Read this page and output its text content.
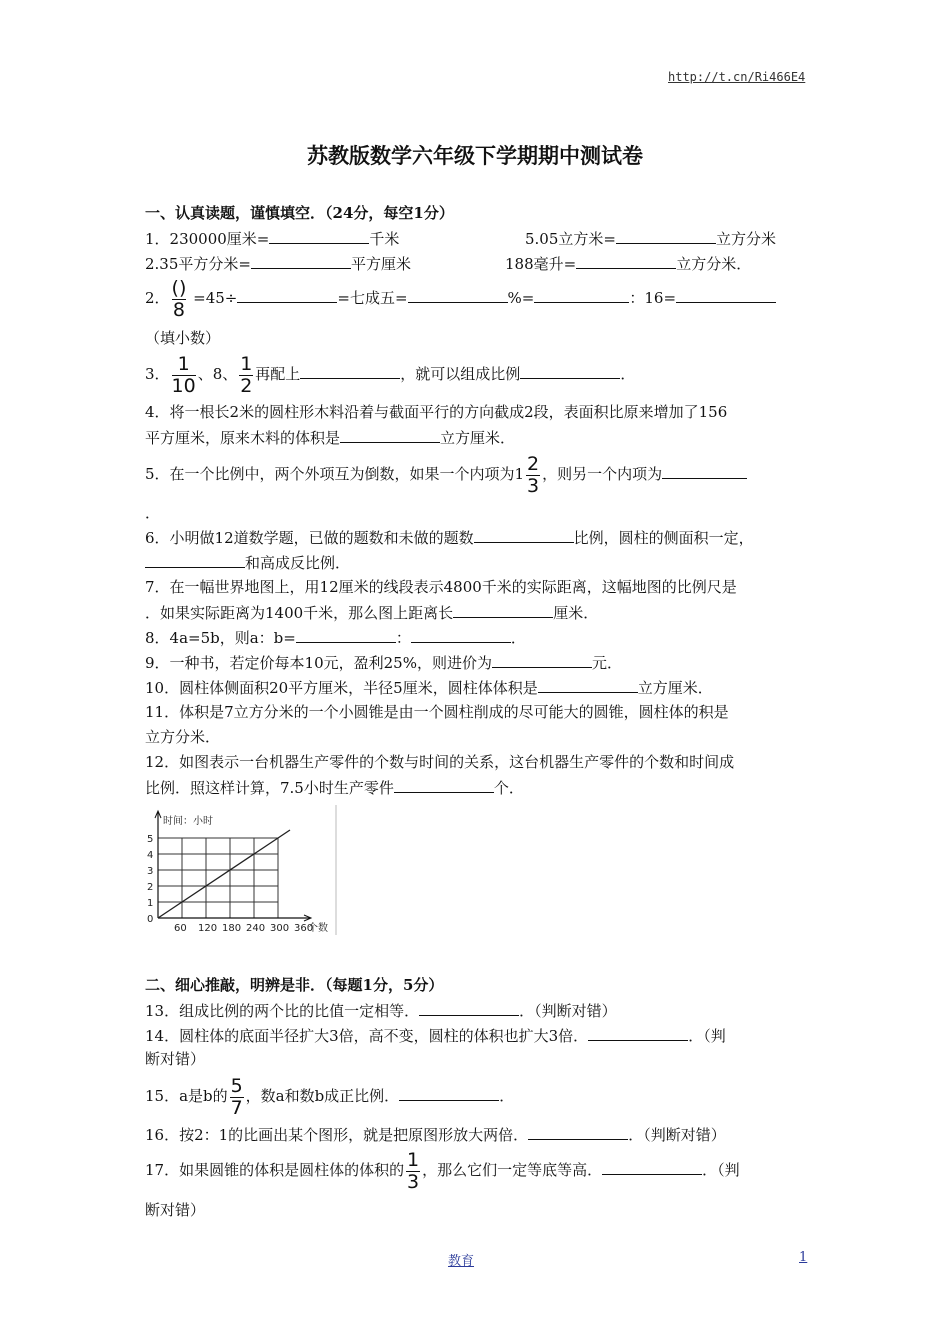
http://t.cn/Ri466E4
苏教版数学六年级下学期期中测试卷
一、认真读题，谨慎填空．（24分，每空1分）
1．230000厘米=	千米	5.05立方米=	立方分米
2.35平方分米=	平方厘米	188毫升=	立方分米．
2． $\frac{()}{8} =45\div$	=七成五=	%=	：16=
（填小数）
3． $\frac{1}{10}$ 、8、 $\frac{1}{2}$ 再配上	，就可以组成比例	．
4．将一根长2米的圆柱形木料沿着与截面平行的方向截成2段，表面积比原来增加了156
平方厘米，原来木料的体积是	立方厘米．
5．在一个比例中，两个外项互为倒数，如果一个内项为$1 \frac{2}{3}$ ，则另一个内项为
．
6．小明做12道数学题，已做的题数和未做的题数	比例，圆柱的侧面积一定，
和高成反比例．
7．在一幅世界地图上，用12厘米的线段表示4800千米的实际距离，这幅地图的比例尺是
．如果实际距离为1400千米，那么图上距离长	厘米．
8．4a=5b，则a：b=	：	．
9．一种书，若定价每本10元，盈利25%，则进价为	元．
10．圆柱体侧面积20平方厘米，半径5厘米，圆柱体体积是	立方厘米．
11．体积是7立方分米的一个小圆锥是由一个圆柱削成的尽可能大的圆锥，圆柱体的积是
立方分米．
12．如图表示一台机器生产零件的个数与时间的关系，这台机器生产零件的个数和时间成
比例．照这样计算，7.5小时生产零件	个．
0
1
2
3
4
5
60 120 180 240 300 360
时间：小时
个数
二、细心推敲，明辨是非．（每题1分，5分）
13．组成比例的两个比的比值一定相等．	．（判断对错）
14．圆柱体的底面半径扩大3倍，高不变，圆柱的体积也扩大3倍．	．（判
断对错）
15．a是b的 $\frac{5}{7}$ ，数a和数b成正比例．	．
16．按2：1的比画出某个图形，就是把原图形放大两倍．	．（判断对错）
17．如果圆锥的体积是圆柱体的体积的 $\frac{1}{3}$ ，那么它们一定等底等高．	．（判
断对错）
教育	1
